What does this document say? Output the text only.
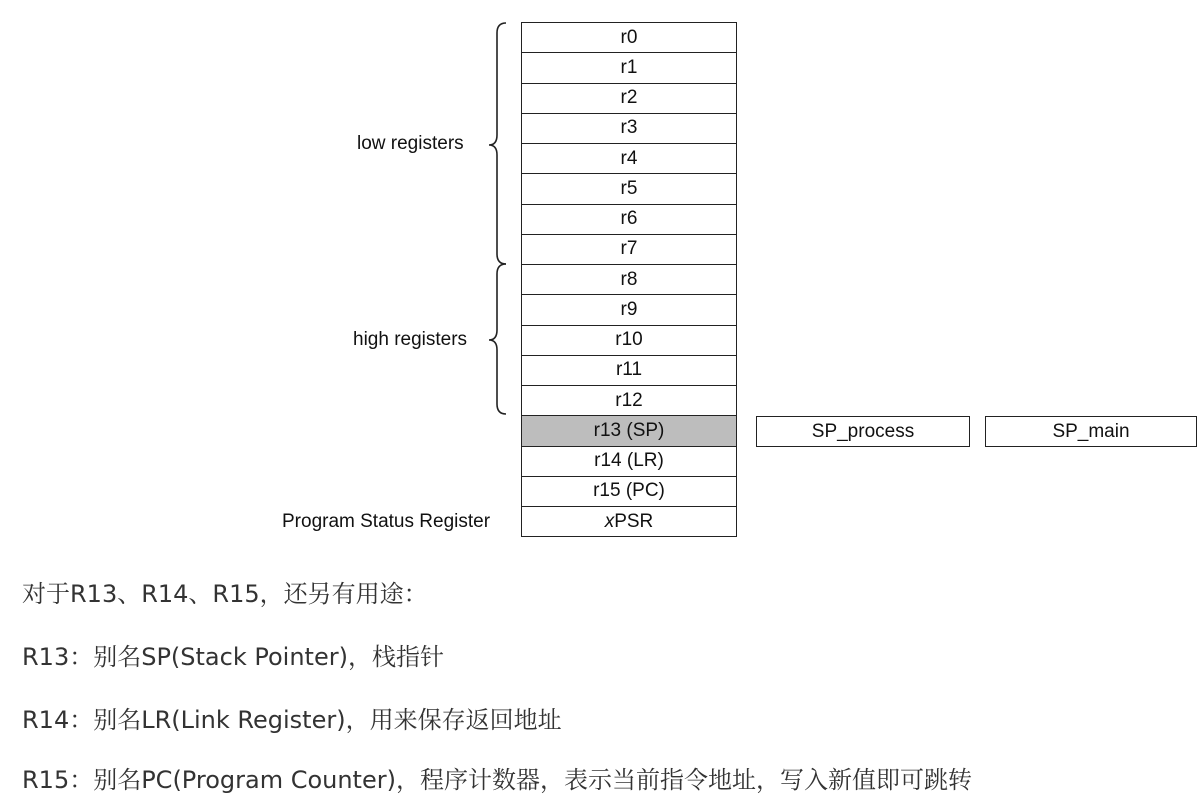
r0
r1
r2
r3
r4
r5
r6
r7
r8
r9
r10
r11
r12
r13 (SP)
r14 (LR)
r15 (PC)
x PSR
low registers
high registers
Program Status Register
SP_process	SP_main
对于R13、R14、R15，还另有用途：
R13：别名SP(Stack Pointer)，栈指针
R14：别名LR(Link Register)，用来保存返回地址
R15：别名PC(Program Counter)，程序计数器，表示当前指令地址，写入新值即可跳转
